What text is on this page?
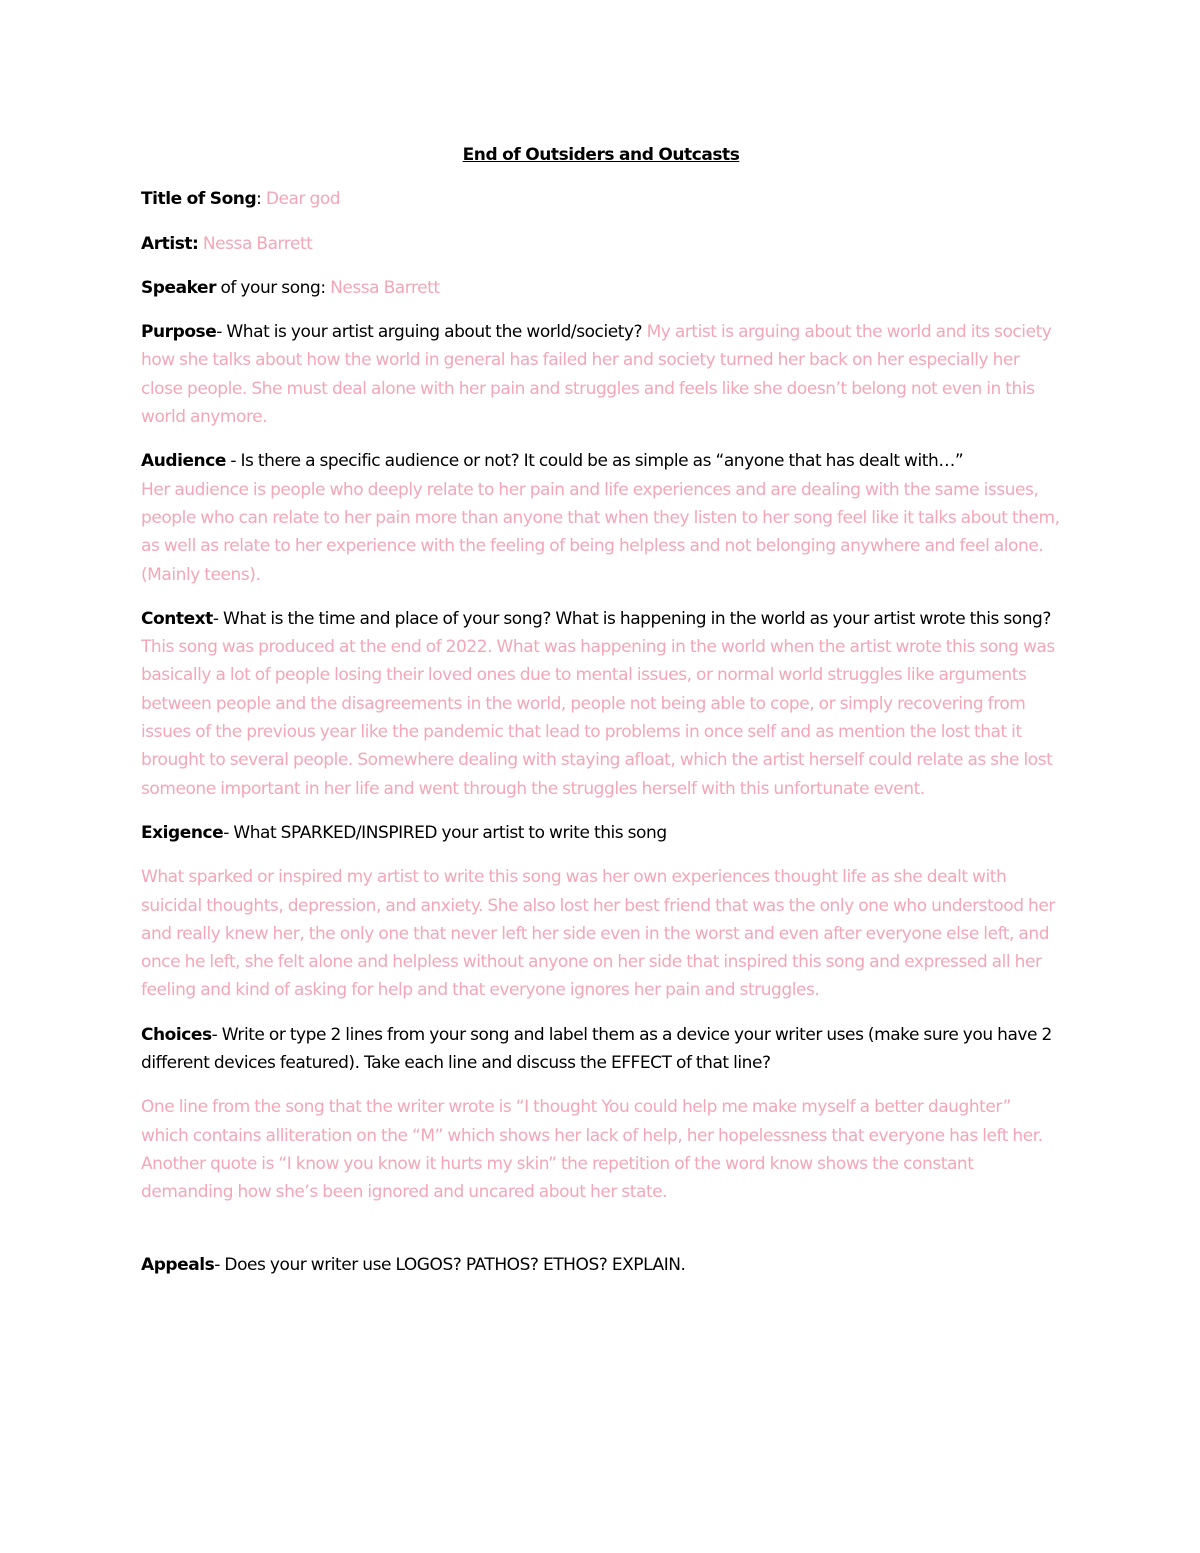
End of Outsiders and Outcasts
Title of Song: Dear god
Artist: Nessa Barrett
Speaker of your song: Nessa Barrett
Purpose- What is your artist arguing about the world/society? My artist is arguing about the world and its society how she talks about how the world in general has failed her and society turned her back on her especially her close people. She must deal alone with her pain and struggles and feels like she doesn’t belong not even in this world anymore.
Audience - Is there a specific audience or not? It could be as simple as “anyone that has dealt with…”
Her audience is people who deeply relate to her pain and life experiences and are dealing with the same issues, people who can relate to her pain more than anyone that when they listen to her song feel like it talks about them, as well as relate to her experience with the feeling of being helpless and not belonging anywhere and feel alone. (Mainly teens).
Context- What is the time and place of your song? What is happening in the world as your artist wrote this song? This song was produced at the end of 2022. What was happening in the world when the artist wrote this song was basically a lot of people losing their loved ones due to mental issues, or normal world struggles like arguments between people and the disagreements in the world, people not being able to cope, or simply recovering from issues of the previous year like the pandemic that lead to problems in once self and as mention the lost that it brought to several people. Somewhere dealing with staying afloat, which the artist herself could relate as she lost someone important in her life and went through the struggles herself with this unfortunate event.
Exigence- What SPARKED/INSPIRED your artist to write this song
What sparked or inspired my artist to write this song was her own experiences thought life as she dealt with suicidal thoughts, depression, and anxiety. She also lost her best friend that was the only one who understood her and really knew her, the only one that never left her side even in the worst and even after everyone else left, and once he left, she felt alone and helpless without anyone on her side that inspired this song and expressed all her feeling and kind of asking for help and that everyone ignores her pain and struggles.
Choices- Write or type 2 lines from your song and label them as a device your writer uses (make sure you have 2 different devices featured). Take each line and discuss the EFFECT of that line?
One line from the song that the writer wrote is “I thought You could help me make myself a better daughter” which contains alliteration on the “M” which shows her lack of help, her hopelessness that everyone has left her. Another quote is “I know you know it hurts my skin” the repetition of the word know shows the constant demanding how she’s been ignored and uncared about her state.
Appeals- Does your writer use LOGOS? PATHOS? ETHOS? EXPLAIN.
